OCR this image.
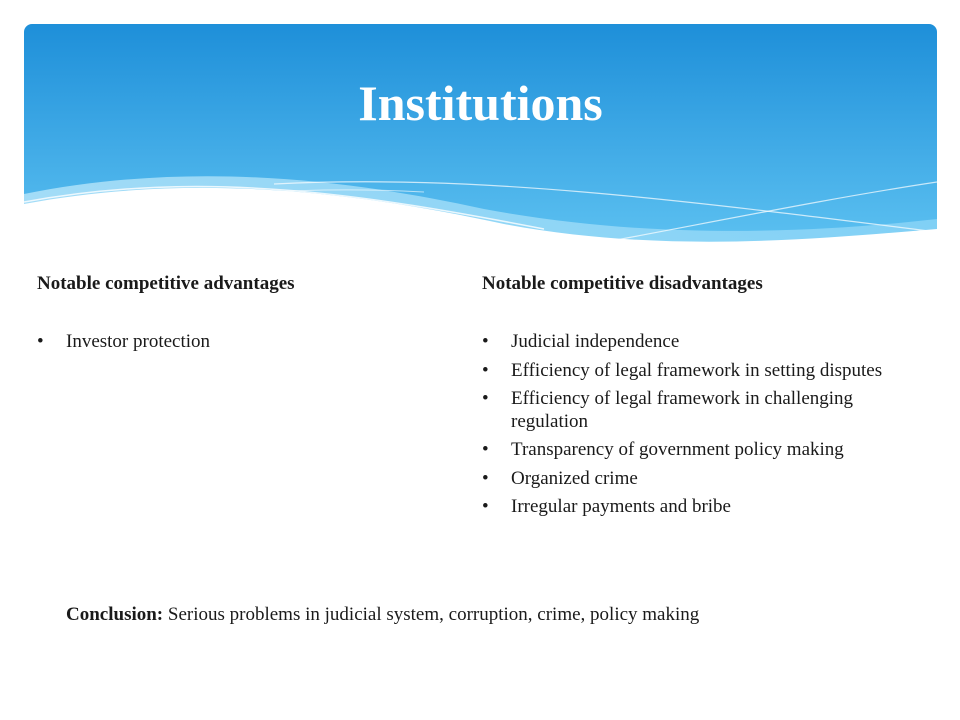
Institutions
Notable competitive advantages
• Investor protection
Notable competitive disadvantages
• Judicial independence
• Efficiency of legal framework in setting disputes
• Efficiency of legal framework in challenging regulation
• Transparency of government policy making
• Organized crime
• Irregular payments and bribe
Conclusion: Serious problems in judicial system, corruption, crime, policy making
